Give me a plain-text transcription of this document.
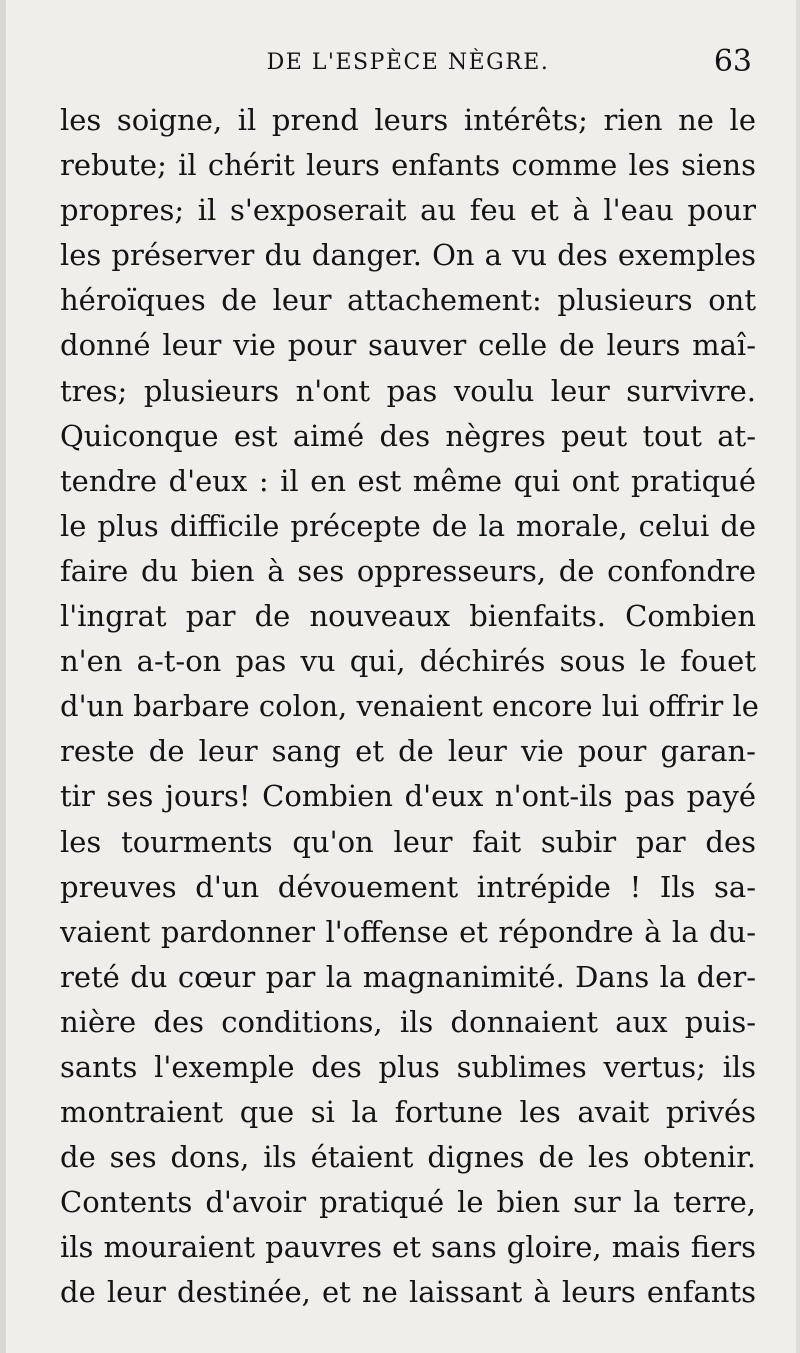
DE L'ESPÈCE NÈGRE.	63
les soigne, il prend leurs intérêts; rien ne le
rebute; il chérit leurs enfants comme les siens
propres; il s'exposerait au feu et à l'eau pour
les préserver du danger. On a vu des exemples
héroïques de leur attachement: plusieurs ont
donné leur vie pour sauver celle de leurs maî-
tres; plusieurs n'ont pas voulu leur survivre.
Quiconque est aimé des nègres peut tout at-
tendre d'eux : il en est même qui ont pratiqué
le plus difficile précepte de la morale, celui de
faire du bien à ses oppresseurs, de confondre
l'ingrat par de nouveaux bienfaits. Combien
n'en a-t-on pas vu qui, déchirés sous le fouet
d'un barbare colon, venaient encore lui offrir le
reste de leur sang et de leur vie pour garan-
tir ses jours! Combien d'eux n'ont-ils pas payé
les tourments qu'on leur fait subir par des
preuves d'un dévouement intrépide ! Ils sa-
vaient pardonner l'offense et répondre à la du-
reté du cœur par la magnanimité. Dans la der-
nière des conditions, ils donnaient aux puis-
sants l'exemple des plus sublimes vertus; ils
montraient que si la fortune les avait privés
de ses dons, ils étaient dignes de les obtenir.
Contents d'avoir pratiqué le bien sur la terre,
ils mouraient pauvres et sans gloire, mais fiers
de leur destinée, et ne laissant à leurs enfants
